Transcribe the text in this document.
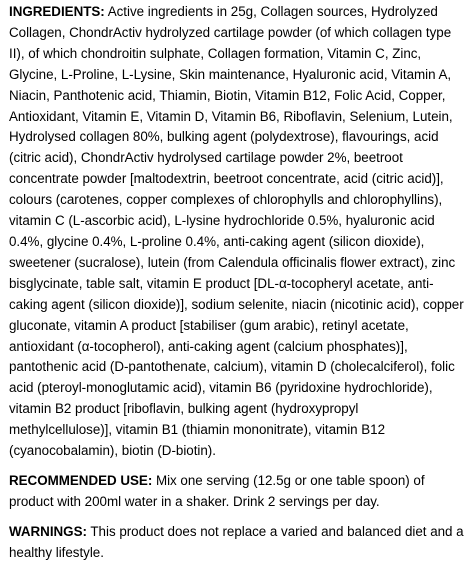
INGREDIENTS: Active ingredients in 25g, Collagen sources, Hydrolyzed Collagen, ChondrActiv hydrolyzed cartilage powder (of which collagen type II), of which chondroitin sulphate, Collagen formation, Vitamin C, Zinc, Glycine, L-Proline, L-Lysine, Skin maintenance, Hyaluronic acid, Vitamin A, Niacin, Panthotenic acid, Thiamin, Biotin, Vitamin B12, Folic Acid, Copper, Antioxidant, Vitamin E, Vitamin D, Vitamin B6, Riboflavin, Selenium, Lutein, Hydrolysed collagen 80%, bulking agent (polydextrose), flavourings, acid (citric acid), ChondrActiv hydrolysed cartilage powder 2%, beetroot concentrate powder [maltodextrin, beetroot concentrate, acid (citric acid)], colours (carotenes, copper complexes of chlorophylls and chlorophyllins), vitamin C (L-ascorbic acid), L-lysine hydrochloride 0.5%, hyaluronic acid 0.4%, glycine 0.4%, L-proline 0.4%, anti-caking agent (silicon dioxide), sweetener (sucralose), lutein (from Calendula officinalis flower extract), zinc bisglycinate, table salt, vitamin E product [DL-α-tocopheryl acetate, anti-caking agent (silicon dioxide)], sodium selenite, niacin (nicotinic acid), copper gluconate, vitamin A product [stabiliser (gum arabic), retinyl acetate, antioxidant (α-tocopherol), anti-caking agent (calcium phosphates)], pantothenic acid (D-pantothenate, calcium), vitamin D (cholecalciferol), folic acid (pteroyl-monoglutamic acid), vitamin B6 (pyridoxine hydrochloride), vitamin B2 product [riboflavin, bulking agent (hydroxypropyl methylcellulose)], vitamin B1 (thiamin mononitrate), vitamin B12 (cyanocobalamin), biotin (D-biotin).

RECOMMENDED USE: Mix one serving (12.5g or one table spoon) of product with 200ml water in a shaker. Drink 2 servings per day.

WARNINGS: This product does not replace a varied and balanced diet and a healthy lifestyle.
